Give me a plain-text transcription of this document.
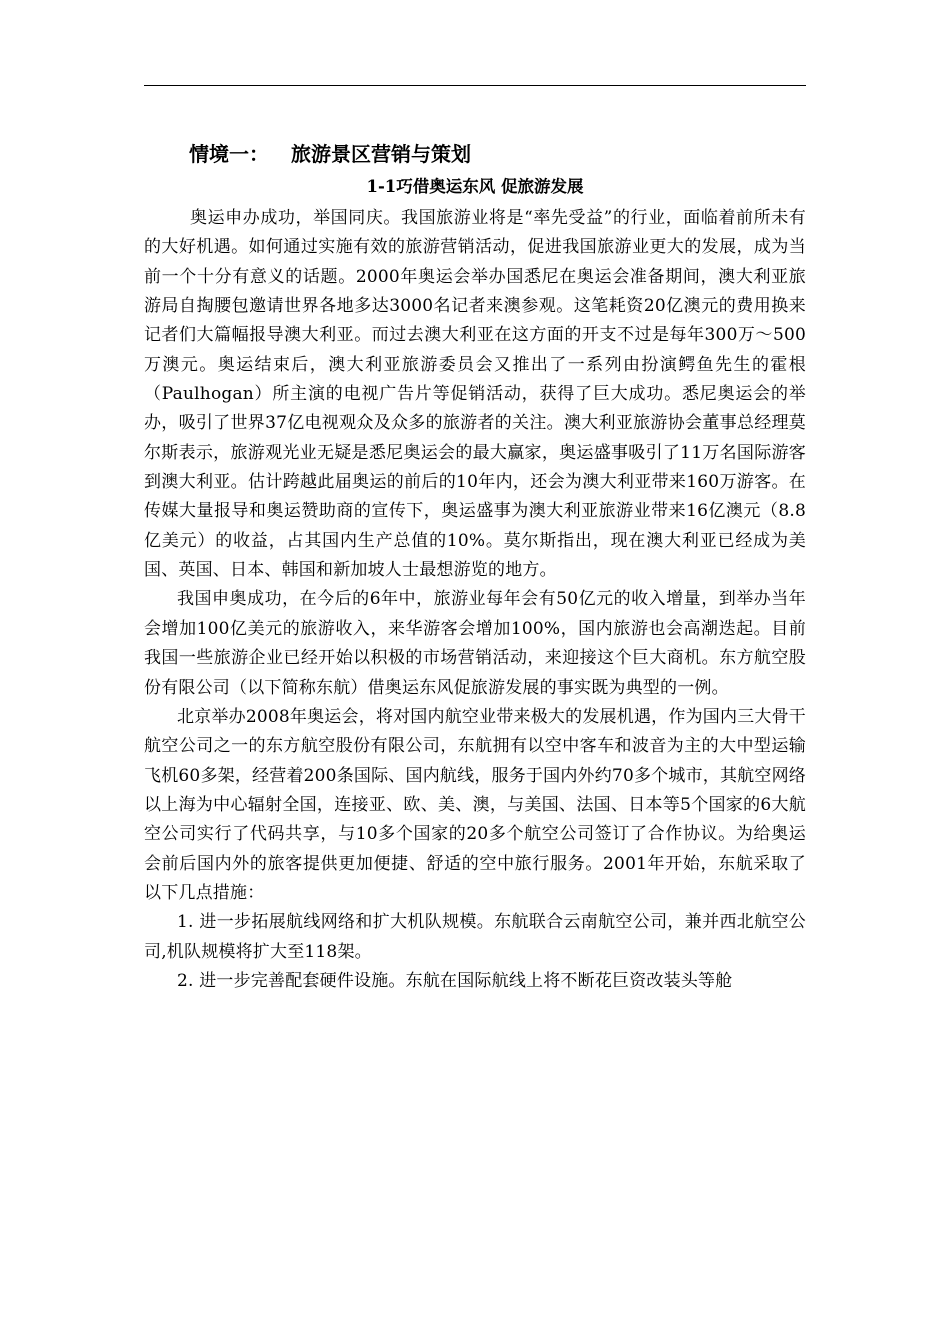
情境一： 旅游景区营销与策划
1-1巧借奥运东风 促旅游发展

奥运申办成功，举国同庆。我国旅游业将是“率先受益”的行业，面临着前所未有的大好机遇。如何通过实施有效的旅游营销活动，促进我国旅游业更大的发展，成为当前一个十分有意义的话题。2000年奥运会举办国悉尼在奥运会准备期间，澳大利亚旅游局自掏腰包邀请世界各地多达3000名记者来澳参观。这笔耗资20亿澳元的费用换来记者们大篇幅报导澳大利亚。而过去澳大利亚在这方面的开支不过是每年300万～500万澳元。奥运结束后，澳大利亚旅游委员会又推出了一系列由扮演鳄鱼先生的霍根（Paulhogan）所主演的电视广告片等促销活动，获得了巨大成功。悉尼奥运会的举办，吸引了世界37亿电视观众及众多的旅游者的关注。澳大利亚旅游协会董事总经理莫尔斯表示，旅游观光业无疑是悉尼奥运会的最大赢家，奥运盛事吸引了11万名国际游客到澳大利亚。估计跨越此届奥运的前后的10年内，还会为澳大利亚带来160万游客。在传媒大量报导和奥运赞助商的宣传下，奥运盛事为澳大利亚旅游业带来16亿澳元（8.8亿美元）的收益，占其国内生产总值的10%。莫尔斯指出，现在澳大利亚已经成为美国、英国、日本、韩国和新加坡人士最想游览的地方。

我国申奥成功，在今后的6年中，旅游业每年会有50亿元的收入增量，到举办当年会增加100亿美元的旅游收入，来华游客会增加100%，国内旅游也会高潮迭起。目前我国一些旅游企业已经开始以积极的市场营销活动，来迎接这个巨大商机。东方航空股份有限公司（以下简称东航）借奥运东风促旅游发展的事实既为典型的一例。

北京举办2008年奥运会，将对国内航空业带来极大的发展机遇，作为国内三大骨干航空公司之一的东方航空股份有限公司，东航拥有以空中客车和波音为主的大中型运输飞机60多架，经营着200条国际、国内航线，服务于国内外约70多个城市，其航空网络以上海为中心辐射全国，连接亚、欧、美、澳，与美国、法国、日本等5个国家的6大航空公司实行了代码共享，与10多个国家的20多个航空公司签订了合作协议。为给奥运会前后国内外的旅客提供更加便捷、舒适的空中旅行服务。2001年开始，东航采取了以下几点措施：

1. 进一步拓展航线网络和扩大机队规模。东航联合云南航空公司，兼并西北航空公司,机队规模将扩大至118架。

2. 进一步完善配套硬件设施。东航在国际航线上将不断花巨资改装头等舱
